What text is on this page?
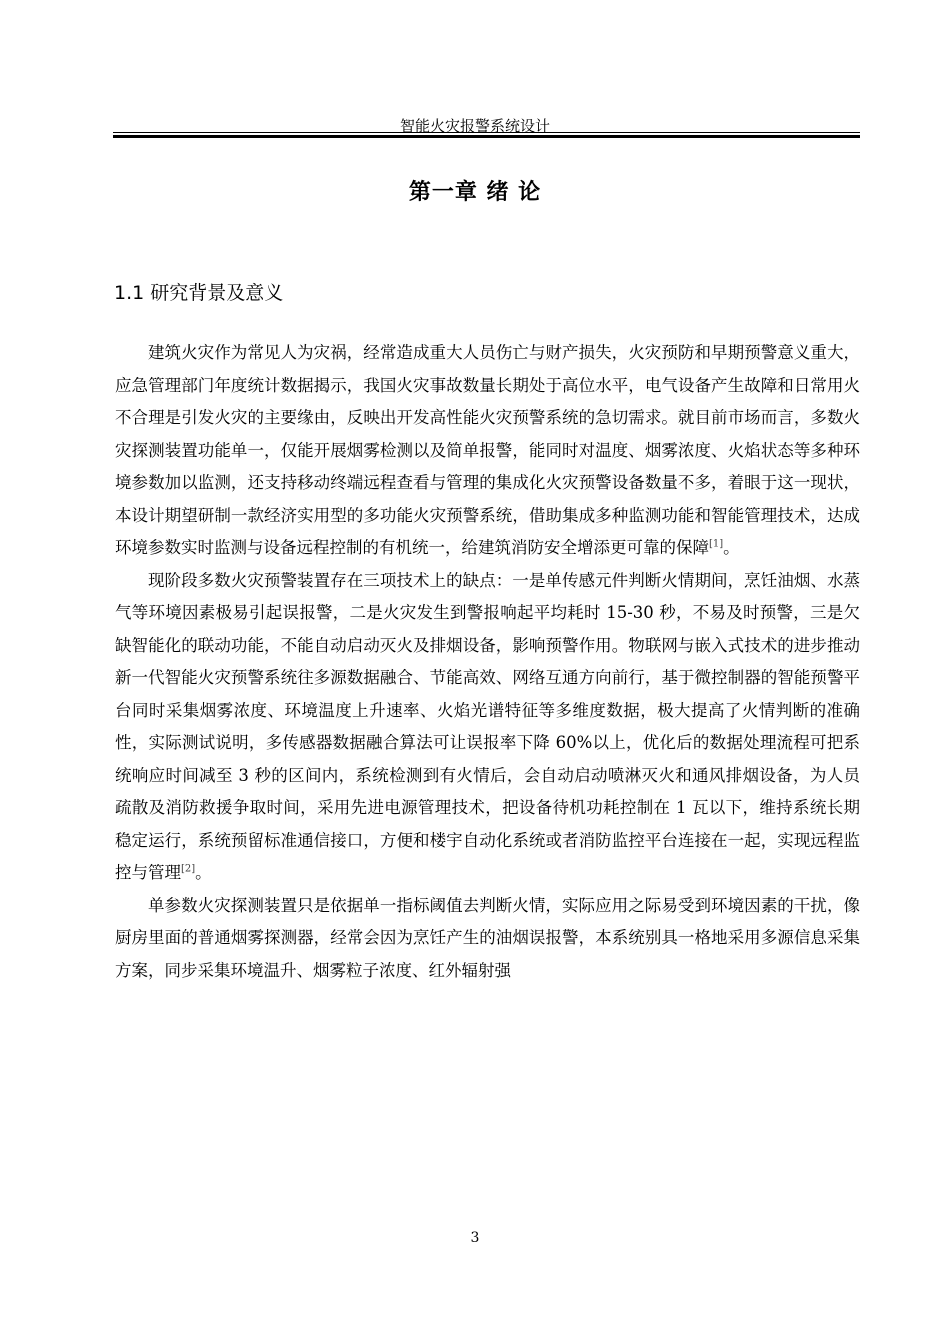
智能火灾报警系统设计
第一章 绪 论
1.1 研究背景及意义

建筑火灾作为常见人为灾祸，经常造成重大人员伤亡与财产损失，火灾预防和早期预警意义重大，应急管理部门年度统计数据揭示，我国火灾事故数量长期处于高位水平，电气设备产生故障和日常用火不合理是引发火灾的主要缘由，反映出开发高性能火灾预警系统的急切需求。就目前市场而言，多数火灾探测装置功能单一，仅能开展烟雾检测以及简单报警，能同时对温度、烟雾浓度、火焰状态等多种环境参数加以监测，还支持移动终端远程查看与管理的集成化火灾预警设备数量不多，着眼于这一现状，本设计期望研制一款经济实用型的多功能火灾预警系统，借助集成多种监测功能和智能管理技术，达成环境参数实时监测与设备远程控制的有机统一，给建筑消防安全增添更可靠的保障[1]。

现阶段多数火灾预警装置存在三项技术上的缺点：一是单传感元件判断火情期间，烹饪油烟、水蒸气等环境因素极易引起误报警，二是火灾发生到警报响起平均耗时 15-30 秒，不易及时预警，三是欠缺智能化的联动功能，不能自动启动灭火及排烟设备，影响预警作用。物联网与嵌入式技术的进步推动新一代智能火灾预警系统往多源数据融合、节能高效、网络互通方向前行，基于微控制器的智能预警平台同时采集烟雾浓度、环境温度上升速率、火焰光谱特征等多维度数据，极大提高了火情判断的准确性，实际测试说明，多传感器数据融合算法可让误报率下降 60%以上，优化后的数据处理流程可把系统响应时间减至 3 秒的区间内，系统检测到有火情后，会自动启动喷淋灭火和通风排烟设备，为人员疏散及消防救援争取时间，采用先进电源管理技术，把设备待机功耗控制在 1 瓦以下，维持系统长期稳定运行，系统预留标准通信接口，方便和楼宇自动化系统或者消防监控平台连接在一起，实现远程监控与管理[2]。

单参数火灾探测装置只是依据单一指标阈值去判断火情，实际应用之际易受到环境因素的干扰，像厨房里面的普通烟雾探测器，经常会因为烹饪产生的油烟误报警，本系统别具一格地采用多源信息采集方案，同步采集环境温升、烟雾粒子浓度、红外辐射强

3
